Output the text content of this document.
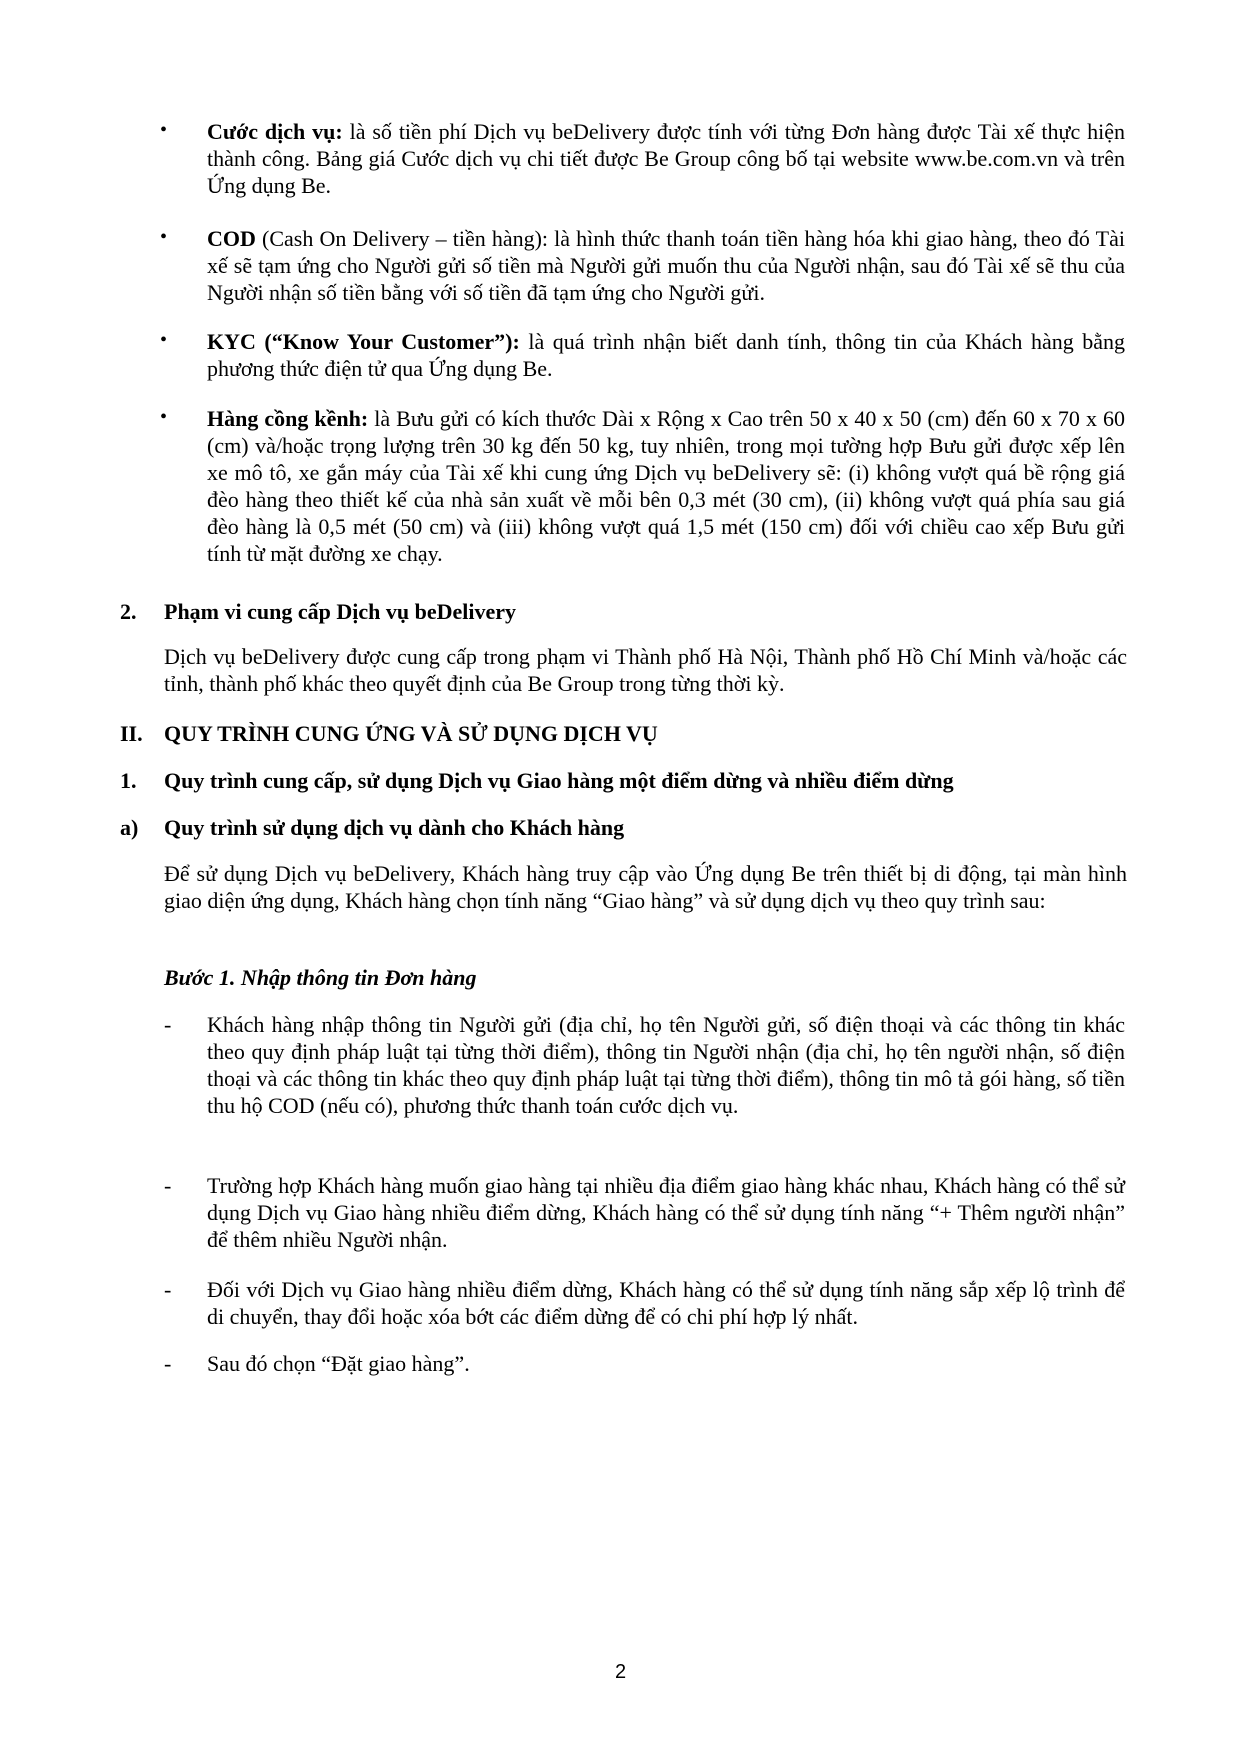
• Cước dịch vụ: là số tiền phí Dịch vụ beDelivery được tính với từng Đơn hàng được Tài xế thực hiện thành công. Bảng giá Cước dịch vụ chi tiết được Be Group công bố tại website www.be.com.vn và trên Ứng dụng Be.
• COD (Cash On Delivery – tiền hàng): là hình thức thanh toán tiền hàng hóa khi giao hàng, theo đó Tài xế sẽ tạm ứng cho Người gửi số tiền mà Người gửi muốn thu của Người nhận, sau đó Tài xế sẽ thu của Người nhận số tiền bằng với số tiền đã tạm ứng cho Người gửi.
• KYC (“Know Your Customer”): là quá trình nhận biết danh tính, thông tin của Khách hàng bằng phương thức điện tử qua Ứng dụng Be.
• Hàng cồng kềnh: là Bưu gửi có kích thước Dài x Rộng x Cao trên 50 x 40 x 50 (cm) đến 60 x 70 x 60 (cm) và/hoặc trọng lượng trên 30 kg đến 50 kg, tuy nhiên, trong mọi tường hợp Bưu gửi được xếp lên xe mô tô, xe gắn máy của Tài xế khi cung ứng Dịch vụ beDelivery sẽ: (i) không vượt quá bề rộng giá đèo hàng theo thiết kế của nhà sản xuất về mỗi bên 0,3 mét (30 cm), (ii) không vượt quá phía sau giá đèo hàng là 0,5 mét (50 cm) và (iii) không vượt quá 1,5 mét (150 cm) đối với chiều cao xếp Bưu gửi tính từ mặt đường xe chạy.
2. Phạm vi cung cấp Dịch vụ beDelivery
Dịch vụ beDelivery được cung cấp trong phạm vi Thành phố Hà Nội, Thành phố Hồ Chí Minh và/hoặc các tỉnh, thành phố khác theo quyết định của Be Group trong từng thời kỳ.
II. QUY TRÌNH CUNG ỨNG VÀ SỬ DỤNG DỊCH VỤ
1. Quy trình cung cấp, sử dụng Dịch vụ Giao hàng một điểm dừng và nhiều điểm dừng
a) Quy trình sử dụng dịch vụ dành cho Khách hàng
Để sử dụng Dịch vụ beDelivery, Khách hàng truy cập vào Ứng dụng Be trên thiết bị di động, tại màn hình giao diện ứng dụng, Khách hàng chọn tính năng “Giao hàng” và sử dụng dịch vụ theo quy trình sau:
Bước 1. Nhập thông tin Đơn hàng
- Khách hàng nhập thông tin Người gửi (địa chỉ, họ tên Người gửi, số điện thoại và các thông tin khác theo quy định pháp luật tại từng thời điểm), thông tin Người nhận (địa chỉ, họ tên người nhận, số điện thoại và các thông tin khác theo quy định pháp luật tại từng thời điểm), thông tin mô tả gói hàng, số tiền thu hộ COD (nếu có), phương thức thanh toán cước dịch vụ.
- Trường hợp Khách hàng muốn giao hàng tại nhiều địa điểm giao hàng khác nhau, Khách hàng có thể sử dụng Dịch vụ Giao hàng nhiều điểm dừng, Khách hàng có thể sử dụng tính năng “+ Thêm người nhận” để thêm nhiều Người nhận.
- Đối với Dịch vụ Giao hàng nhiều điểm dừng, Khách hàng có thể sử dụng tính năng sắp xếp lộ trình để di chuyển, thay đổi hoặc xóa bớt các điểm dừng để có chi phí hợp lý nhất.
- Sau đó chọn “Đặt giao hàng”.
2
